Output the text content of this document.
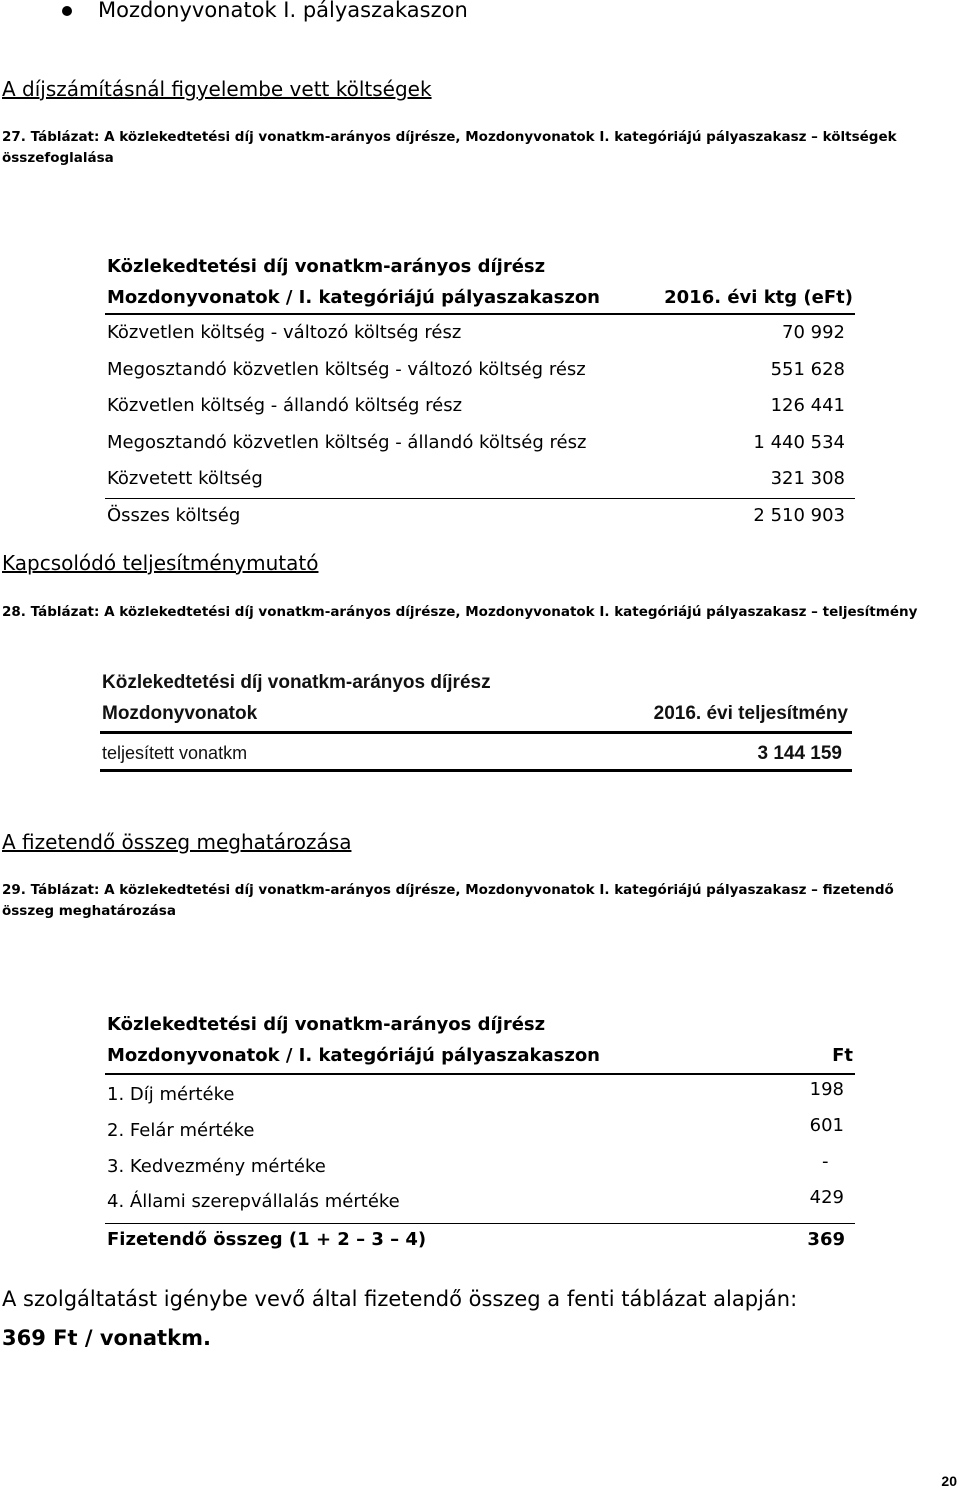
Mozdonyvonatok I. pályaszakaszon
A díjszámításnál figyelembe vett költségek
27. Táblázat: A közlekedtetési díj vonatkm-arányos díjrésze, Mozdonyvonatok I. kategóriájú pályaszakasz – költségek
összefoglalása
Közlekedtetési díj vonatkm-arányos díjrész
Mozdonyvonatok / I. kategóriájú pályaszakaszon	2016. évi ktg (eFt)
Közvetlen költség - változó költség rész	70 992
Megosztandó közvetlen költség - változó költség rész	551 628
Közvetlen költség - állandó költség rész	126 441
Megosztandó közvetlen költség - állandó költség rész	1 440 534
Közvetett költség	321 308
Összes költség	2 510 903
Kapcsolódó teljesítménymutató
28. Táblázat: A közlekedtetési díj vonatkm-arányos díjrésze, Mozdonyvonatok I. kategóriájú pályaszakasz – teljesítmény
Közlekedtetési díj vonatkm-arányos díjrész
Mozdonyvonatok	2016. évi teljesítmény
teljesített vonatkm	3 144 159
A fizetendő összeg meghatározása
29. Táblázat: A közlekedtetési díj vonatkm-arányos díjrésze, Mozdonyvonatok I. kategóriájú pályaszakasz – fizetendő
összeg meghatározása
Közlekedtetési díj vonatkm-arányos díjrész
Mozdonyvonatok / I. kategóriájú pályaszakaszon	Ft
1. Díj mértéke	198
2. Felár mértéke	601
3. Kedvezmény mértéke	-
4. Állami szerepvállalás mértéke	429
Fizetendő összeg (1 + 2 – 3 – 4)	369
A szolgáltatást igénybe vevő által fizetendő összeg a fenti táblázat alapján:
369 Ft / vonatkm.
20
